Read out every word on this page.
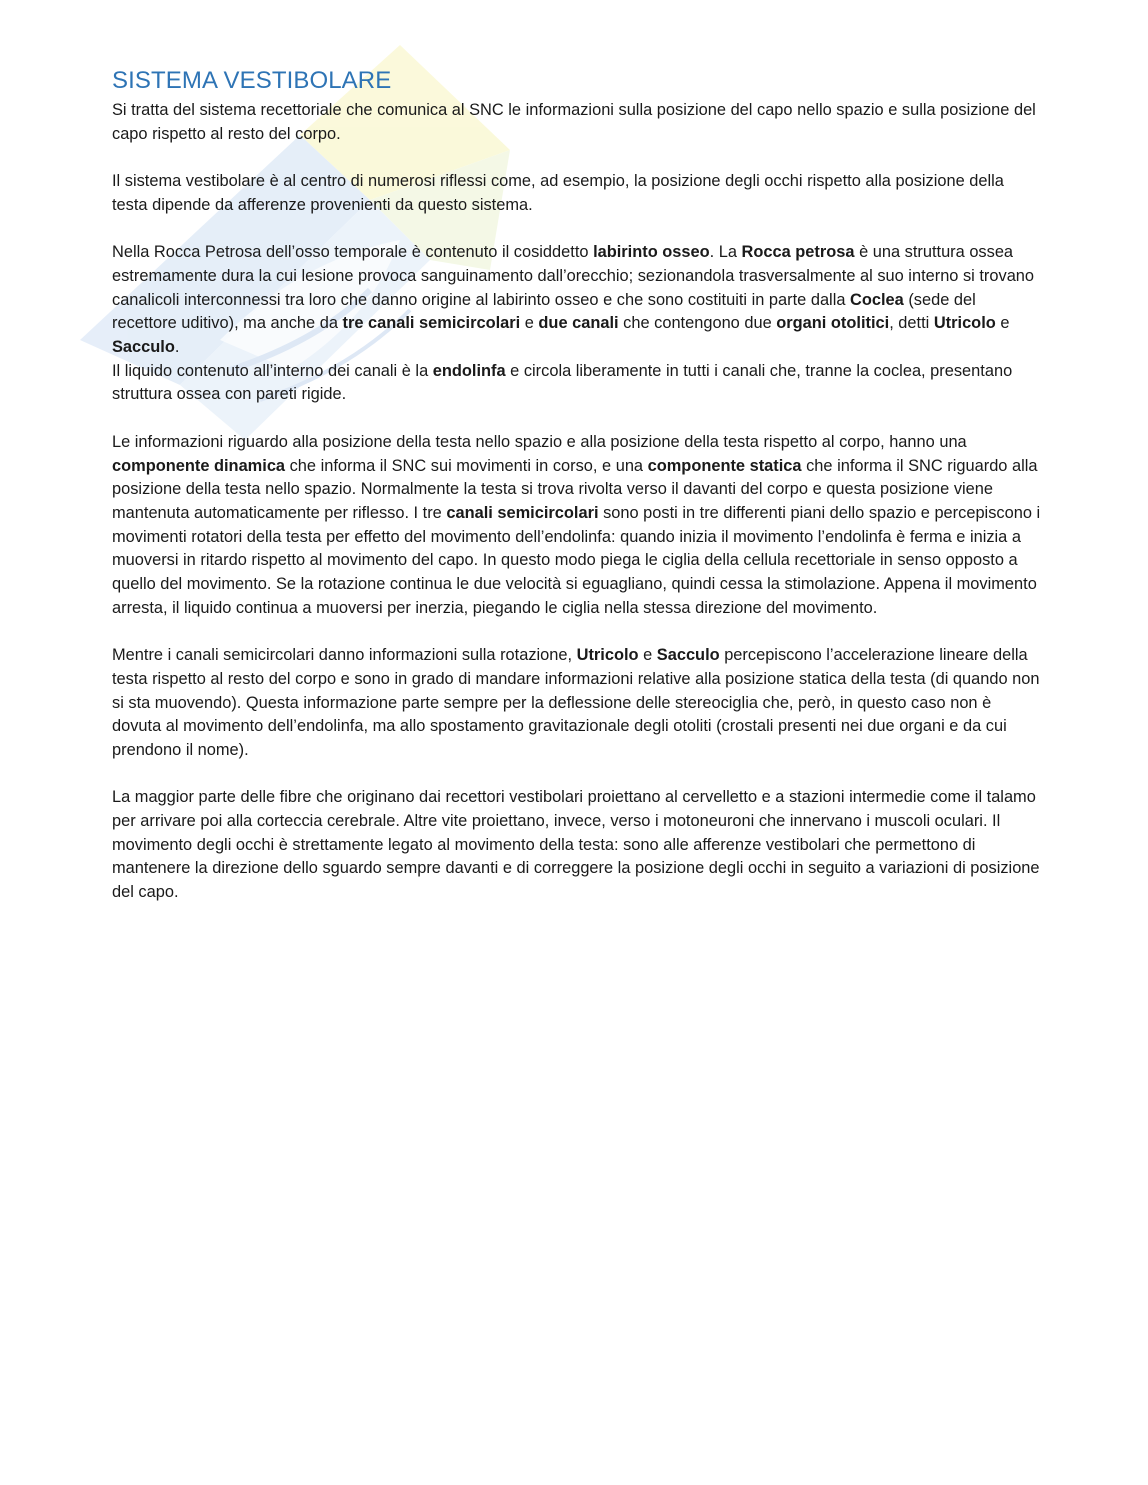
SISTEMA VESTIBOLARE

Si tratta del sistema recettoriale che comunica al SNC le informazioni sulla posizione del capo nello spazio e sulla posizione del capo rispetto al resto del corpo.

Il sistema vestibolare è al centro di numerosi riflessi come, ad esempio, la posizione degli occhi rispetto alla posizione della testa dipende da afferenze provenienti da questo sistema.

Nella Rocca Petrosa dell’osso temporale è contenuto il cosiddetto labirinto osseo. La Rocca petrosa è una struttura ossea estremamente dura la cui lesione provoca sanguinamento dall’orecchio; sezionandola trasversalmente al suo interno si trovano canalicoli interconnessi tra loro che danno origine al labirinto osseo e che sono costituiti in parte dalla Coclea (sede del recettore uditivo), ma anche da tre canali semicircolari e due canali che contengono due organi otolitici, detti Utricolo e Sacculo.

Il liquido contenuto all’interno dei canali è la endolinfa e circola liberamente in tutti i canali che, tranne la coclea, presentano struttura ossea con pareti rigide.

Le informazioni riguardo alla posizione della testa nello spazio e alla posizione della testa rispetto al corpo, hanno una componente dinamica che informa il SNC sui movimenti in corso, e una componente statica che informa il SNC riguardo alla posizione della testa nello spazio. Normalmente la testa si trova rivolta verso il davanti del corpo e questa posizione viene mantenuta automaticamente per riflesso. I tre canali semicircolari sono posti in tre differenti piani dello spazio e percepiscono i movimenti rotatori della testa per effetto del movimento dell’endolinfa: quando inizia il movimento l’endolinfa è ferma e inizia a muoversi in ritardo rispetto al movimento del capo. In questo modo piega le ciglia della cellula recettoriale in senso opposto a quello del movimento. Se la rotazione continua le due velocità si eguagliano, quindi cessa la stimolazione. Appena il movimento arresta, il liquido continua a muoversi per inerzia, piegando le ciglia nella stessa direzione del movimento.

Mentre i canali semicircolari danno informazioni sulla rotazione, Utricolo e Sacculo percepiscono l’accelerazione lineare della testa rispetto al resto del corpo e sono in grado di mandare informazioni relative alla posizione statica della testa (di quando non si sta muovendo). Questa informazione parte sempre per la deflessione delle stereociglia che, però, in questo caso non è dovuta al movimento dell’endolinfa, ma allo spostamento gravitazionale degli otoliti (crostali presenti nei due organi e da cui prendono il nome).

La maggior parte delle fibre che originano dai recettori vestibolari proiettano al cervelletto e a stazioni intermedie come il talamo per arrivare poi alla corteccia cerebrale. Altre vite proiettano, invece, verso i motoneuroni che innervano i muscoli oculari. Il movimento degli occhi è strettamente legato al movimento della testa: sono alle afferenze vestibolari che permettono di mantenere la direzione dello sguardo sempre davanti e di correggere la posizione degli occhi in seguito a variazioni di posizione del capo.
